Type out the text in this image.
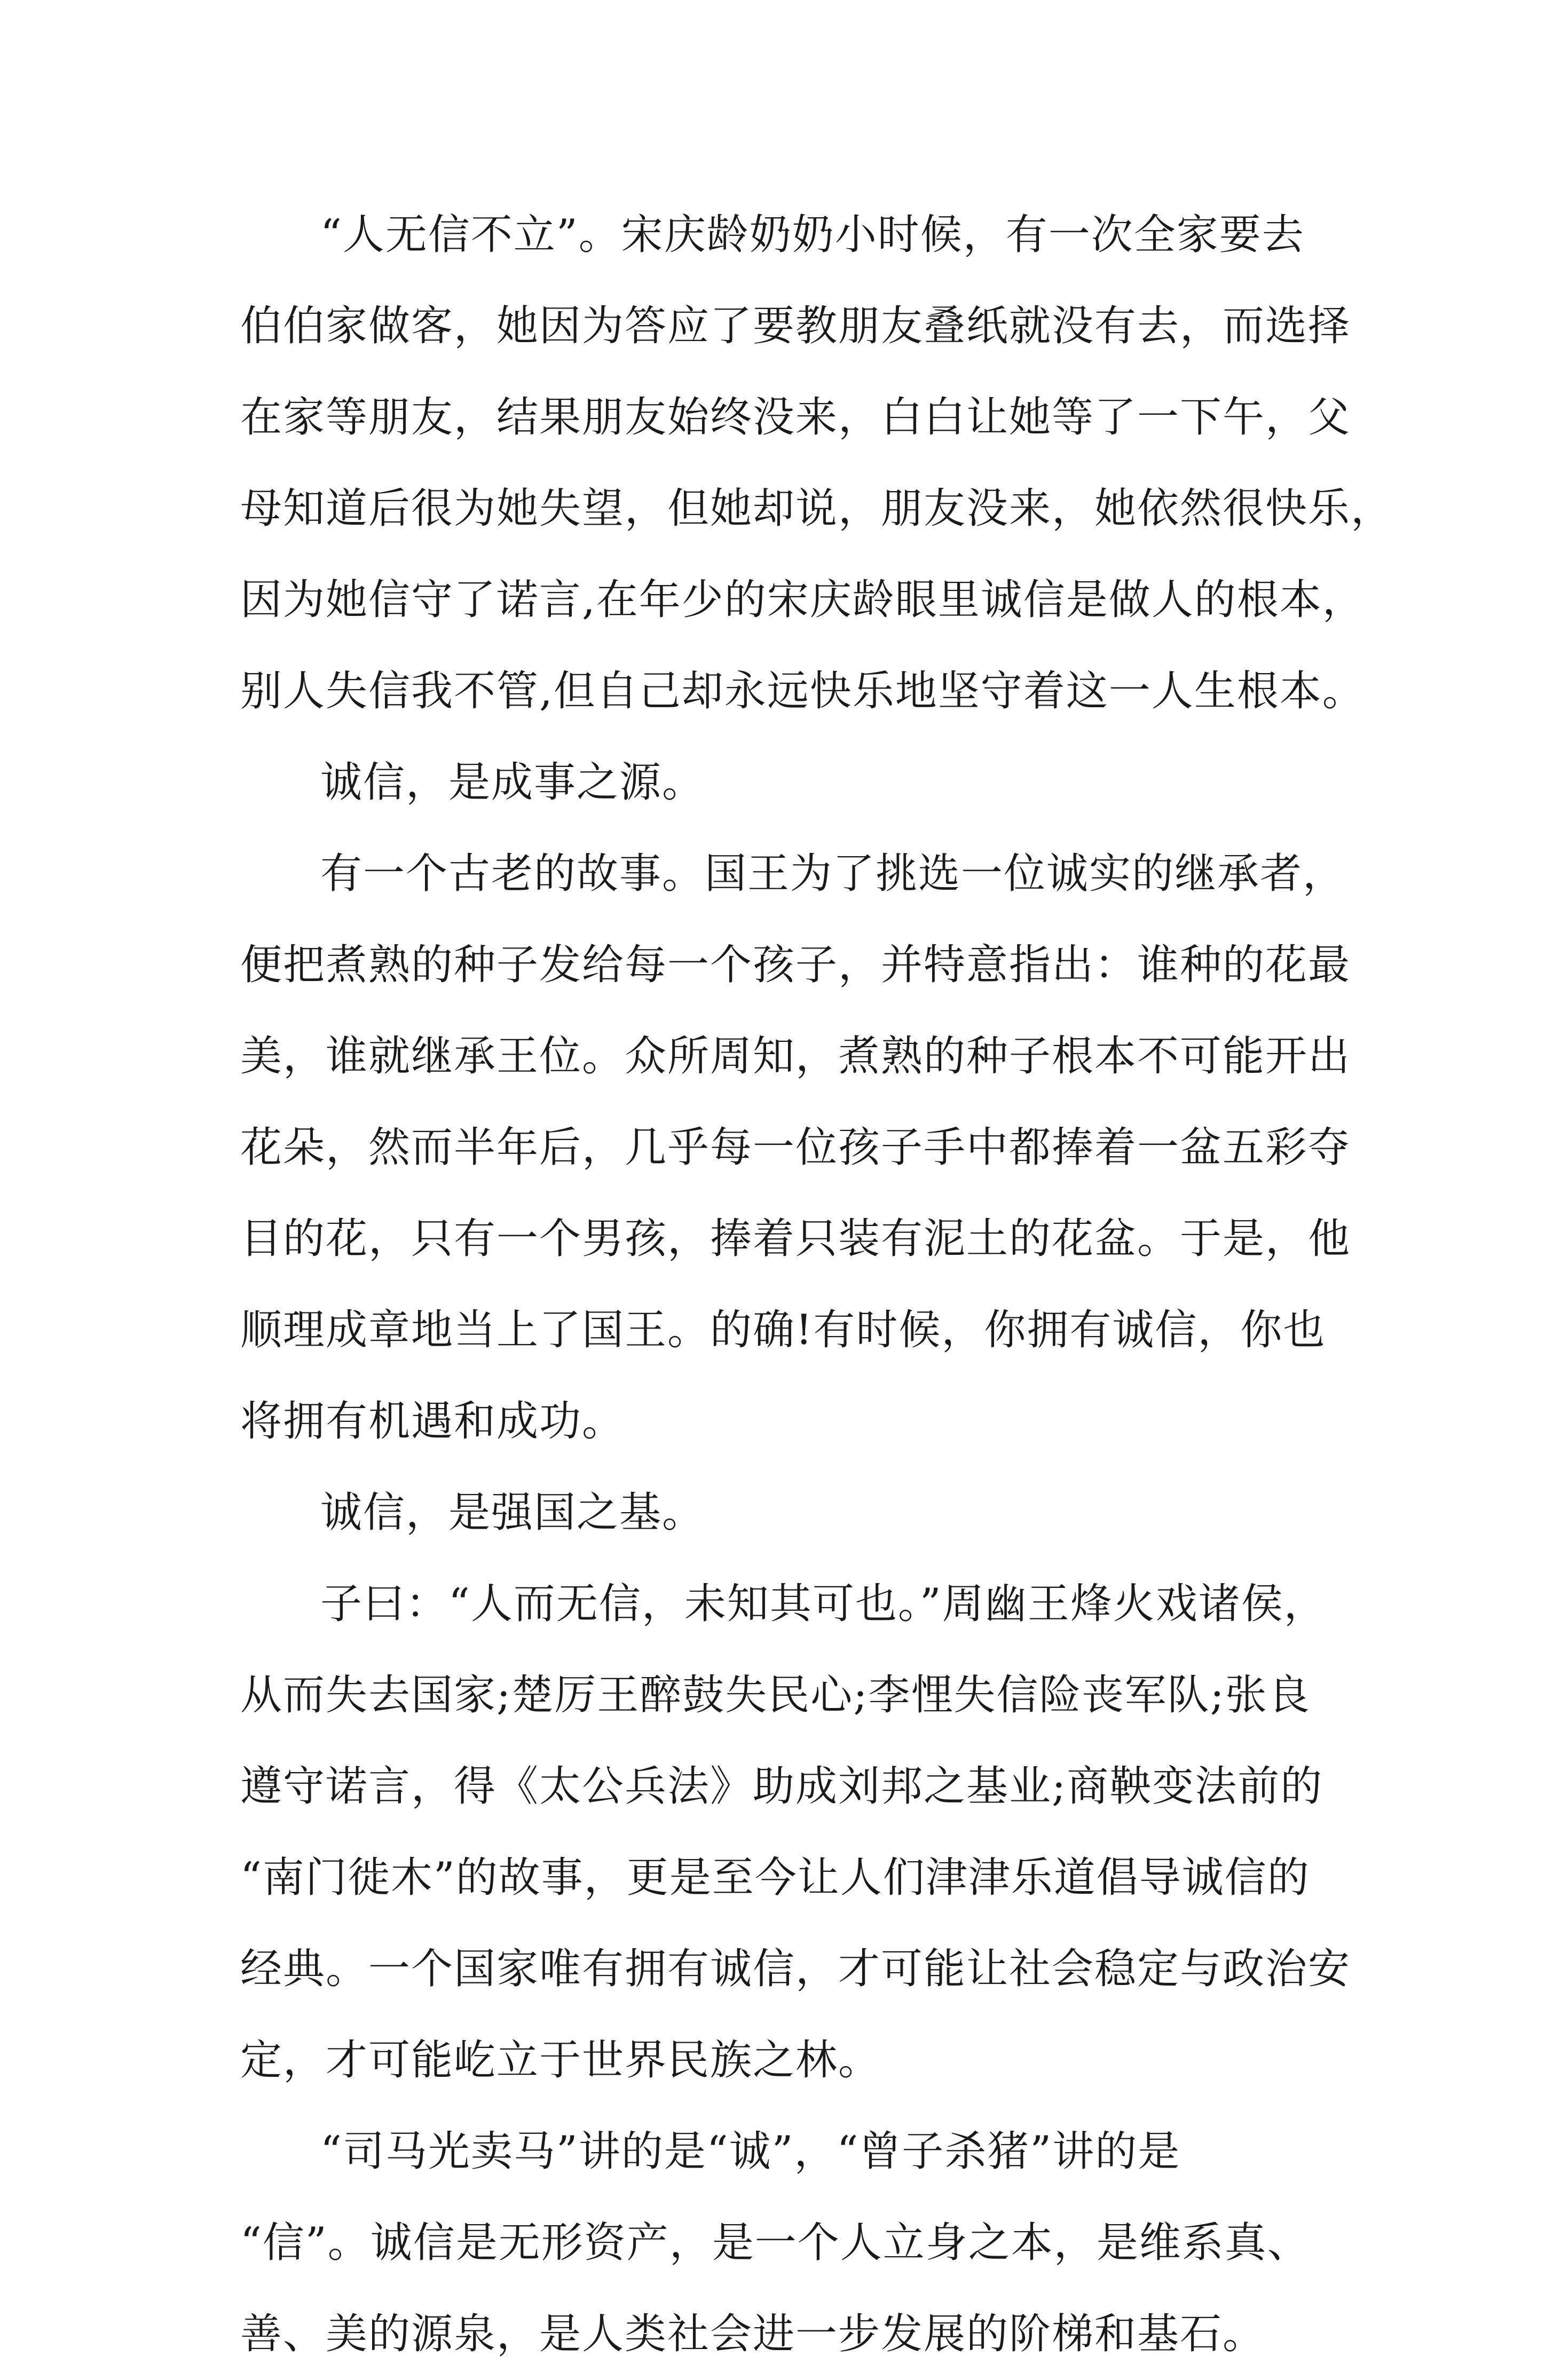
“人无信不立”。宋庆龄奶奶小时候，有一次全家要去
伯伯家做客，她因为答应了要教朋友叠纸就没有去，而选择
在家等朋友，结果朋友始终没来，白白让她等了一下午，父
母知道后很为她失望，但她却说，朋友没来，她依然很快乐，
因为她信守了诺言,在年少的宋庆龄眼里诚信是做人的根本，
别人失信我不管,但自己却永远快乐地坚守着这一人生根本。
诚信，是成事之源。
有一个古老的故事。国王为了挑选一位诚实的继承者，
便把煮熟的种子发给每一个孩子，并特意指出：谁种的花最
美，谁就继承王位。众所周知，煮熟的种子根本不可能开出
花朵，然而半年后，几乎每一位孩子手中都捧着一盆五彩夺
目的花，只有一个男孩，捧着只装有泥土的花盆。于是，他
顺理成章地当上了国王。的确!有时候，你拥有诚信，你也
将拥有机遇和成功。
诚信，是强国之基。
子曰：“人而无信，未知其可也。”周幽王烽火戏诸侯，
从而失去国家;楚厉王醉鼓失民心;李悝失信险丧军队;张良
遵守诺言，得《太公兵法》助成刘邦之基业;商鞅变法前的
“南门徙木”的故事，更是至今让人们津津乐道倡导诚信的
经典。一个国家唯有拥有诚信，才可能让社会稳定与政治安
定，才可能屹立于世界民族之林。
“司马光卖马”讲的是“诚”，“曾子杀猪”讲的是
“信”。诚信是无形资产，是一个人立身之本，是维系真、
善、美的源泉，是人类社会进一步发展的阶梯和基石。
